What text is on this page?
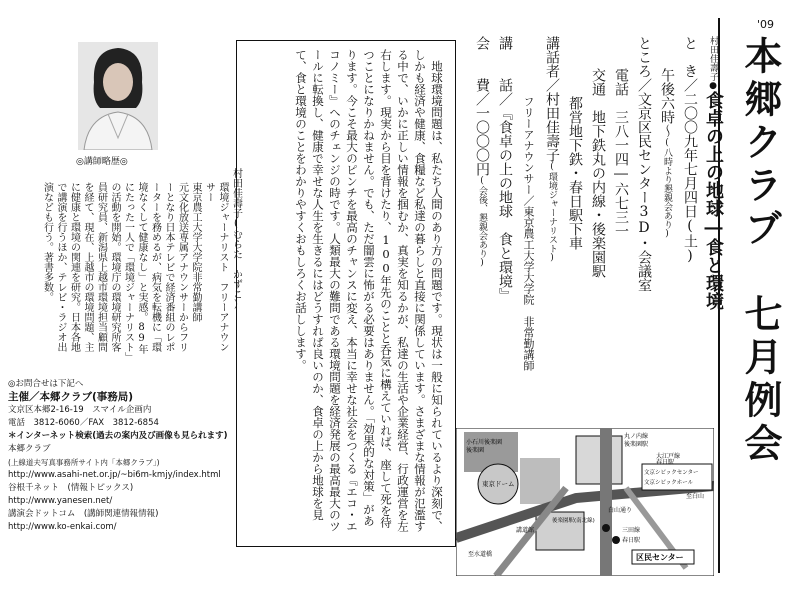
'09
本郷クラブ　七月例会

村田佳壽子●食卓の上の地球―食と環境

と　き／二〇〇九年七月四日(土)

午後六時～(八時より懇親会あり)

ところ／文京区民センター3D・会議室

電話　三八一四―六七三一

交通　地下鉄丸の内線・後楽園駅

都営地下鉄・春日駅下車

講話者／村田佳壽子(環境ジャーナリスト)

フリーアナウンサー／東京農工大学大学院　非常勤講師

講　　話／『食卓の上の地球　食と環境』

会　　費／一〇〇〇円(会後、懇親会あり)

　地球環境問題は、私たち人間のあり方の問題です。現状は一般に知られているより深刻で、しかも経済や健康、食糧など私達の暮らしと直接に関係しています。さまざまな情報が氾濫する中で、いかに正しい情報を掴むか、真実を知るかが、私達の生活や企業経営、行政運営を左右します。現実から目を背けたり、100年先のことと呑気に構えていれば、座して死を待つことになりかねません。でも、ただ闇雲に怖がる必要はありません。「効果的な対策」があります。今こそ最大のピンチを最高のチャンスに変え、本当に幸せな社会をつくる『エコ・エコノミー』へのチェンジの時です。人類最大の難問である環境問題を経済発展の最高最大のツールに転換し、健康で幸せな人生を生きるにはどうすれば良いのか、食卓の上から地球を見て、食と環境のことをわかりやすくおもしろくお話しします。
丸ノ内線
後楽園駅
小石川後楽園
後楽園
大江戸線
春日駅
文京シビックセンター
文京シビックホール
東京ドーム
後楽園駅(南北線)
講道館
白山通り
三田線
春日駅
至水道橋
至白山
区民センター
◎講師略歴◎
村田佳壽子(むらた　かずこ)
環境ジャーナリスト　フリーアナウンサー
東京農工大学大学院非常勤講師
元文化放送専属アナウンサーからフリーとなり日本テレビで経済番組のレポーターを務めるが、病気を転機に「環境なくして健康なし」と実感。89年にたった一人で「環境ジャーナリスト」の活動を開始。環境庁の環境研究所客員研究員、新潟県上越市環境担当顧問を経て、現在、上越市の環境問題、主に健康と環境の関連を研究。日本各地で講演を行うほか、テレビ・ラジオ出演なども行う。著書多数。
◎お問合せは下記へ
主催／本郷クラブ(事務局)
文京区本郷2-16-19　スマイル企画内
電話　3812-6060／FAX　3812-6854
＊インターネット検索(過去の案内及び画像も見られます)
本郷クラブ
(上線道夫写真事務所サイト内「本郷クラブ」)
http://www.asahi-net.or.jp/~bi6m-kmjy/index.html
谷根千ネット　(情報トピックス)
http://www.yanesen.net/
講演会ドットコム　(講師関連情報情報)
http://www.ko-enkai.com/
